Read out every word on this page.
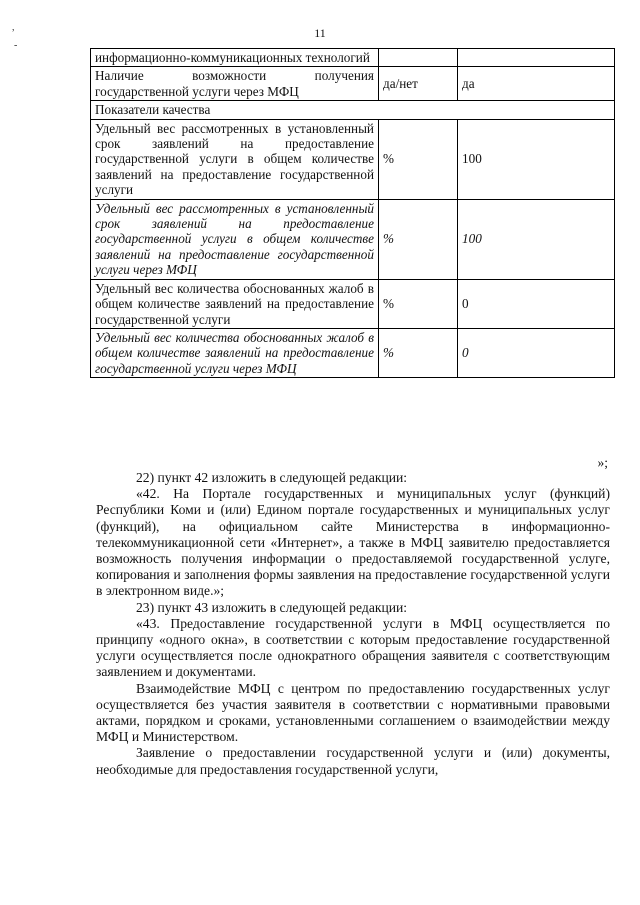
11
,
-
информационно-коммуникационных технологий		
Наличие возможности получения государственной услуги через МФЦ	да/нет	да
Показатели качества		
Удельный вес рассмотренных в установленный срок заявлений на предоставление государственной услуги в общем количестве заявлений на предоставление государственной услуги	%	100
Удельный вес рассмотренных в установленный срок заявлений на предоставление государственной услуги в общем количестве заявлений на предоставление государственной услуги через МФЦ	%	100
Удельный вес количества обоснованных жалоб в общем количестве заявлений на предоставление государственной услуги	%	0
Удельный вес количества обоснованных жалоб в общем количестве заявлений на предоставление государственной услуги через МФЦ	%	0
»;

22) пункт 42 изложить в следующей редакции:

«42. На Портале государственных и муниципальных услуг (функций) Республики Коми и (или) Едином портале государственных и муниципальных услуг (функций), на официальном сайте Министерства в информационно-телекоммуникационной сети «Интернет», а также в МФЦ заявителю предоставляется возможность получения информации о предоставляемой государственной услуге, копирования и заполнения формы заявления на предоставление государственной услуги в электронном виде.»;

23) пункт 43 изложить в следующей редакции:

«43. Предоставление государственной услуги в МФЦ осуществляется по принципу «одного окна», в соответствии с которым предоставление государственной услуги осуществляется после однократного обращения заявителя с соответствующим заявлением и документами.

Взаимодействие МФЦ с центром по предоставлению государственных услуг осуществляется без участия заявителя в соответствии с нормативными правовыми актами, порядком и сроками, установленными соглашением о взаимодействии между МФЦ и Министерством.

Заявление о предоставлении государственной услуги и (или) документы, необходимые для предоставления государственной услуги,
